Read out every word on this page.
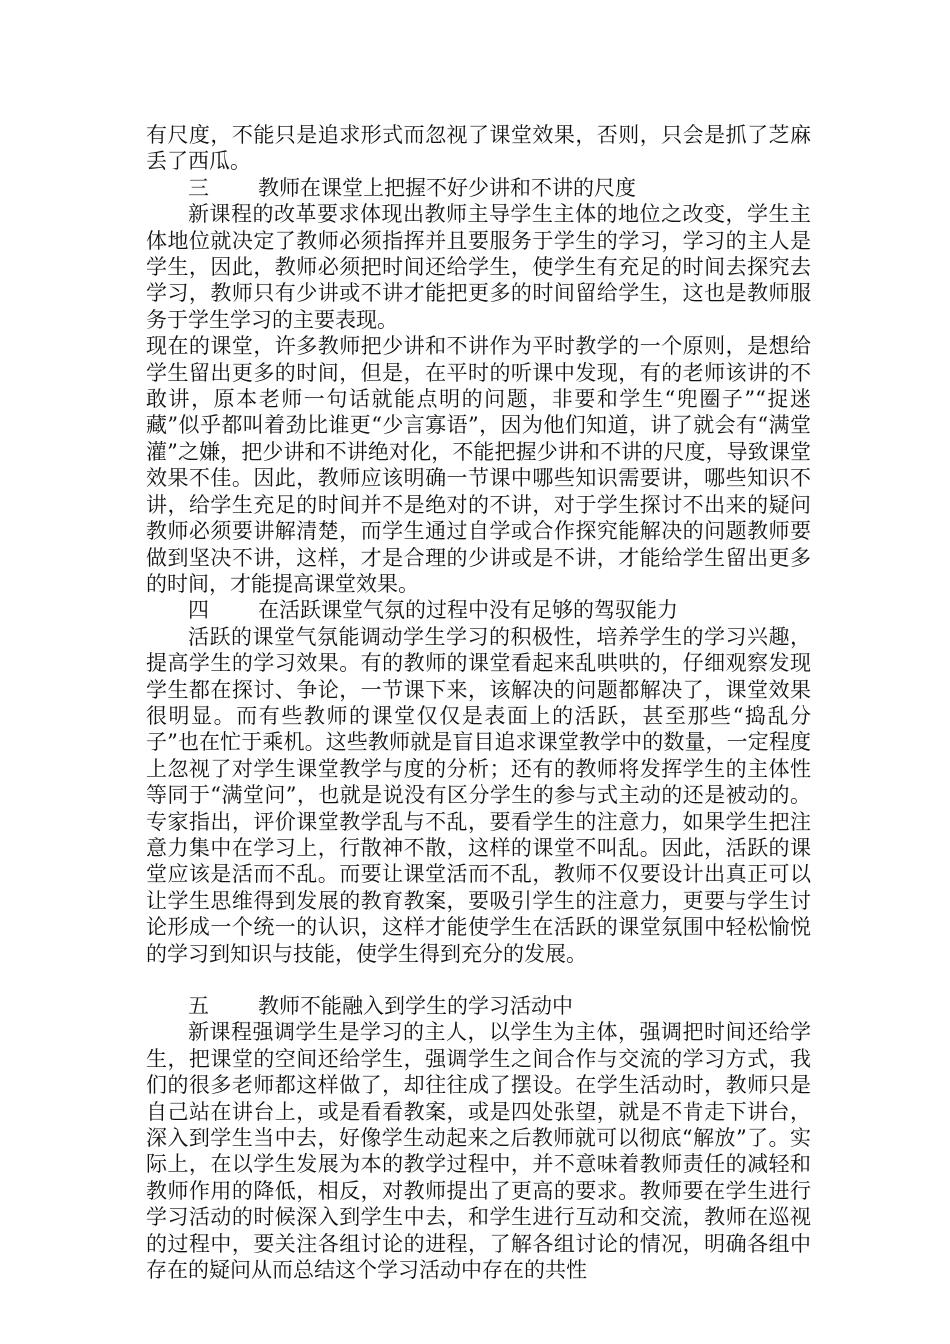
有尺度，不能只是追求形式而忽视了课堂效果，否则，只会是抓了芝麻丢了西瓜。

三 教师在课堂上把握不好少讲和不讲的尺度

新课程的改革要求体现出教师主导学生主体的地位之改变，学生主体地位就决定了教师必须指挥并且要服务于学生的学习，学习的主人是学生，因此，教师必须把时间还给学生，使学生有充足的时间去探究去学习，教师只有少讲或不讲才能把更多的时间留给学生，这也是教师服务于学生学习的主要表现。

现在的课堂，许多教师把少讲和不讲作为平时教学的一个原则，是想给学生留出更多的时间，但是，在平时的听课中发现，有的老师该讲的不敢讲，原本老师一句话就能点明的问题，非要和学生“兜圈子”“捉迷藏”似乎都叫着劲比谁更“少言寡语”，因为他们知道，讲了就会有“满堂灌”之嫌，把少讲和不讲绝对化，不能把握少讲和不讲的尺度，导致课堂效果不佳。因此，教师应该明确一节课中哪些知识需要讲，哪些知识不讲，给学生充足的时间并不是绝对的不讲，对于学生探讨不出来的疑问教师必须要讲解清楚，而学生通过自学或合作探究能解决的问题教师要做到坚决不讲，这样，才是合理的少讲或是不讲，才能给学生留出更多的时间，才能提高课堂效果。

四 在活跃课堂气氛的过程中没有足够的驾驭能力

活跃的课堂气氛能调动学生学习的积极性，培养学生的学习兴趣，提高学生的学习效果。有的教师的课堂看起来乱哄哄的，仔细观察发现学生都在探讨、争论，一节课下来，该解决的问题都解决了，课堂效果很明显。而有些教师的课堂仅仅是表面上的活跃，甚至那些“捣乱分子”也在忙于乘机。这些教师就是盲目追求课堂教学中的数量，一定程度上忽视了对学生课堂教学与度的分析；还有的教师将发挥学生的主体性等同于“满堂问”，也就是说没有区分学生的参与式主动的还是被动的。专家指出，评价课堂教学乱与不乱，要看学生的注意力，如果学生把注意力集中在学习上，行散神不散，这样的课堂不叫乱。因此，活跃的课堂应该是活而不乱。而要让课堂活而不乱，教师不仅要设计出真正可以让学生思维得到发展的教育教案，要吸引学生的注意力，更要与学生讨论形成一个统一的认识，这样才能使学生在活跃的课堂氛围中轻松愉悦的学习到知识与技能，使学生得到充分的发展。

五 教师不能融入到学生的学习活动中

新课程强调学生是学习的主人，以学生为主体，强调把时间还给学生，把课堂的空间还给学生，强调学生之间合作与交流的学习方式，我们的很多老师都这样做了，却往往成了摆设。在学生活动时，教师只是自己站在讲台上，或是看看教案，或是四处张望，就是不肯走下讲台，深入到学生当中去，好像学生动起来之后教师就可以彻底“解放”了。实际上，在以学生发展为本的教学过程中，并不意味着教师责任的减轻和教师作用的降低，相反，对教师提出了更高的要求。教师要在学生进行学习活动的时候深入到学生中去，和学生进行互动和交流，教师在巡视的过程中，要关注各组讨论的进程，了解各组讨论的情况，明确各组中存在的疑问从而总结这个学习活动中存在的共性
